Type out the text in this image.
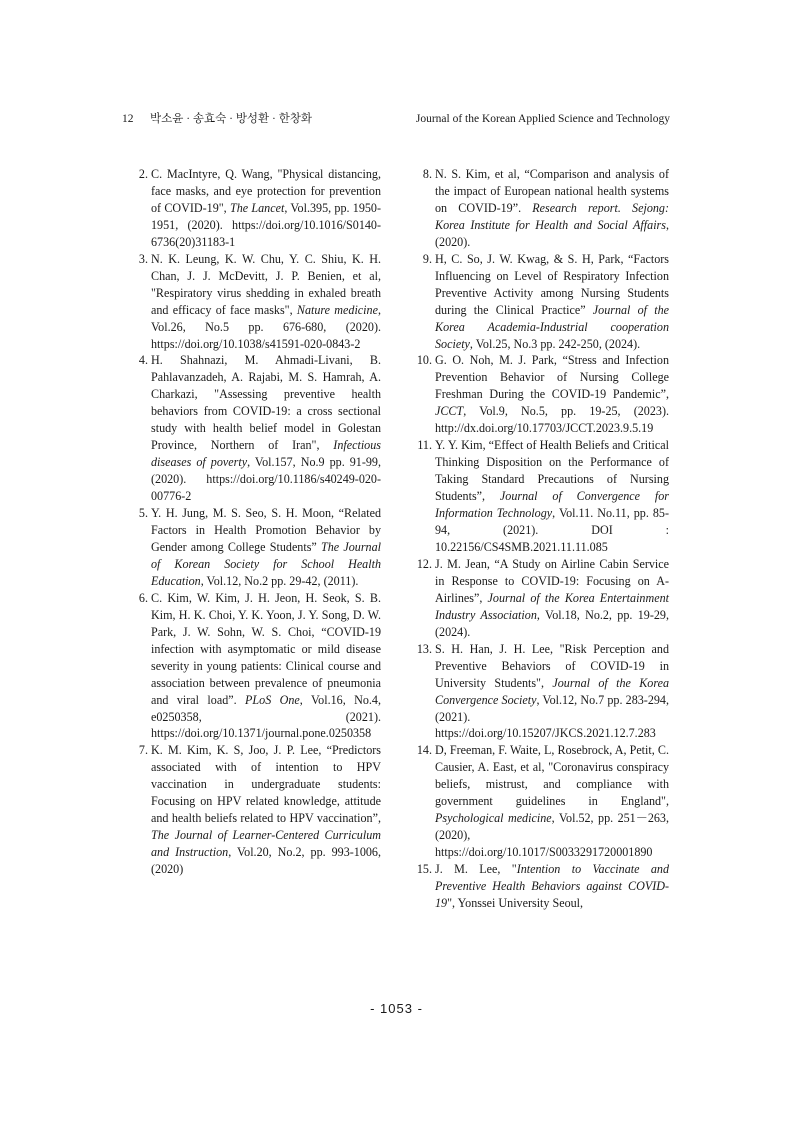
12 박소윤 · 송효숙 · 방성환 · 한창화	Journal of the Korean Applied Science and Technology
2. C. MacIntyre, Q. Wang, "Physical distancing, face masks, and eye protection for prevention of COVID-19", The Lancet, Vol.395, pp. 1950-1951, (2020). https://doi.org/10.1016/S0140-6736(20)31183-1
3. N. K. Leung, K. W. Chu, Y. C. Shiu, K. H. Chan, J. J. McDevitt, J. P. Benien, et al, "Respiratory virus shedding in exhaled breath and efficacy of face masks", Nature medicine, Vol.26, No.5 pp. 676-680, (2020). https://doi.org/10.1038/s41591-020-0843-2
4. H. Shahnazi, M. Ahmadi-Livani, B. Pahlavanzadeh, A. Rajabi, M. S. Hamrah, A. Charkazi, "Assessing preventive health behaviors from COVID-19: a cross sectional study with health belief model in Golestan Province, Northern of Iran", Infectious diseases of poverty, Vol.157, No.9 pp. 91-99, (2020). https://doi.org/10.1186/s40249-020-00776-2
5. Y. H. Jung, M. S. Seo, S. H. Moon, “Related Factors in Health Promotion Behavior by Gender among College Students” The Journal of Korean Society for School Health Education, Vol.12, No.2 pp. 29-42, (2011).
6. C. Kim, W. Kim, J. H. Jeon, H. Seok, S. B. Kim, H. K. Choi, Y. K. Yoon, J. Y. Song, D. W. Park, J. W. Sohn, W. S. Choi, “COVID-19 infection with asymptomatic or mild disease severity in young patients: Clinical course and association between prevalence of pneumonia and viral load”. PLoS One, Vol.16, No.4, e0250358, (2021). https://doi.org/10.1371/journal.pone.0250358
7. K. M. Kim, K. S, Joo, J. P. Lee, “Predictors associated with of intention to HPV vaccination in undergraduate students: Focusing on HPV related knowledge, attitude and health beliefs related to HPV vaccination”, The Journal of Learner-Centered Curriculum and Instruction, Vol.20, No.2, pp. 993-1006, (2020)
8. N. S. Kim, et al, “Comparison and analysis of the impact of European national health systems on COVID-19”. Research report. Sejong: Korea Institute for Health and Social Affairs, (2020).
9. H, C. So, J. W. Kwag, & S. H, Park, “Factors Influencing on Level of Respiratory Infection Preventive Activity among Nursing Students during the Clinical Practice” Journal of the Korea Academia-Industrial cooperation Society, Vol.25, No.3 pp. 242-250, (2024).
10. G. O. Noh, M. J. Park, “Stress and Infection Prevention Behavior of Nursing College Freshman During the COVID-19 Pandemic”, JCCT, Vol.9, No.5, pp. 19-25, (2023). http://dx.doi.org/10.17703/JCCT.2023.9.5.19
11. Y. Y. Kim, “Effect of Health Beliefs and Critical Thinking Disposition on the Performance of Taking Standard Precautions of Nursing Students”, Journal of Convergence for Information Technology, Vol.11. No.11, pp. 85-94, (2021). DOI : 10.22156/CS4SMB.2021.11.11.085
12. J. M. Jean, “A Study on Airline Cabin Service in Response to COVID-19: Focusing on A-Airlines”, Journal of the Korea Entertainment Industry Association, Vol.18, No.2, pp. 19-29, (2024).
13. S. H. Han, J. H. Lee, "Risk Perception and Preventive Behaviors of COVID-19 in University Students", Journal of the Korea Convergence Society, Vol.12, No.7 pp. 283-294, (2021). https://doi.org/10.15207/JKCS.2021.12.7.283
14. D, Freeman, F. Waite, L, Rosebrock, A, Petit, C. Causier, A. East, et al, "Coronavirus conspiracy beliefs, mistrust, and compliance with government guidelines in England", Psychological medicine, Vol.52, pp. 251－263, (2020), https://doi.org/10.1017/S0033291720001890
15. J. M. Lee, "Intention to Vaccinate and Preventive Health Behaviors against COVID-19", Yonssei University Seoul,
- 1053 -
